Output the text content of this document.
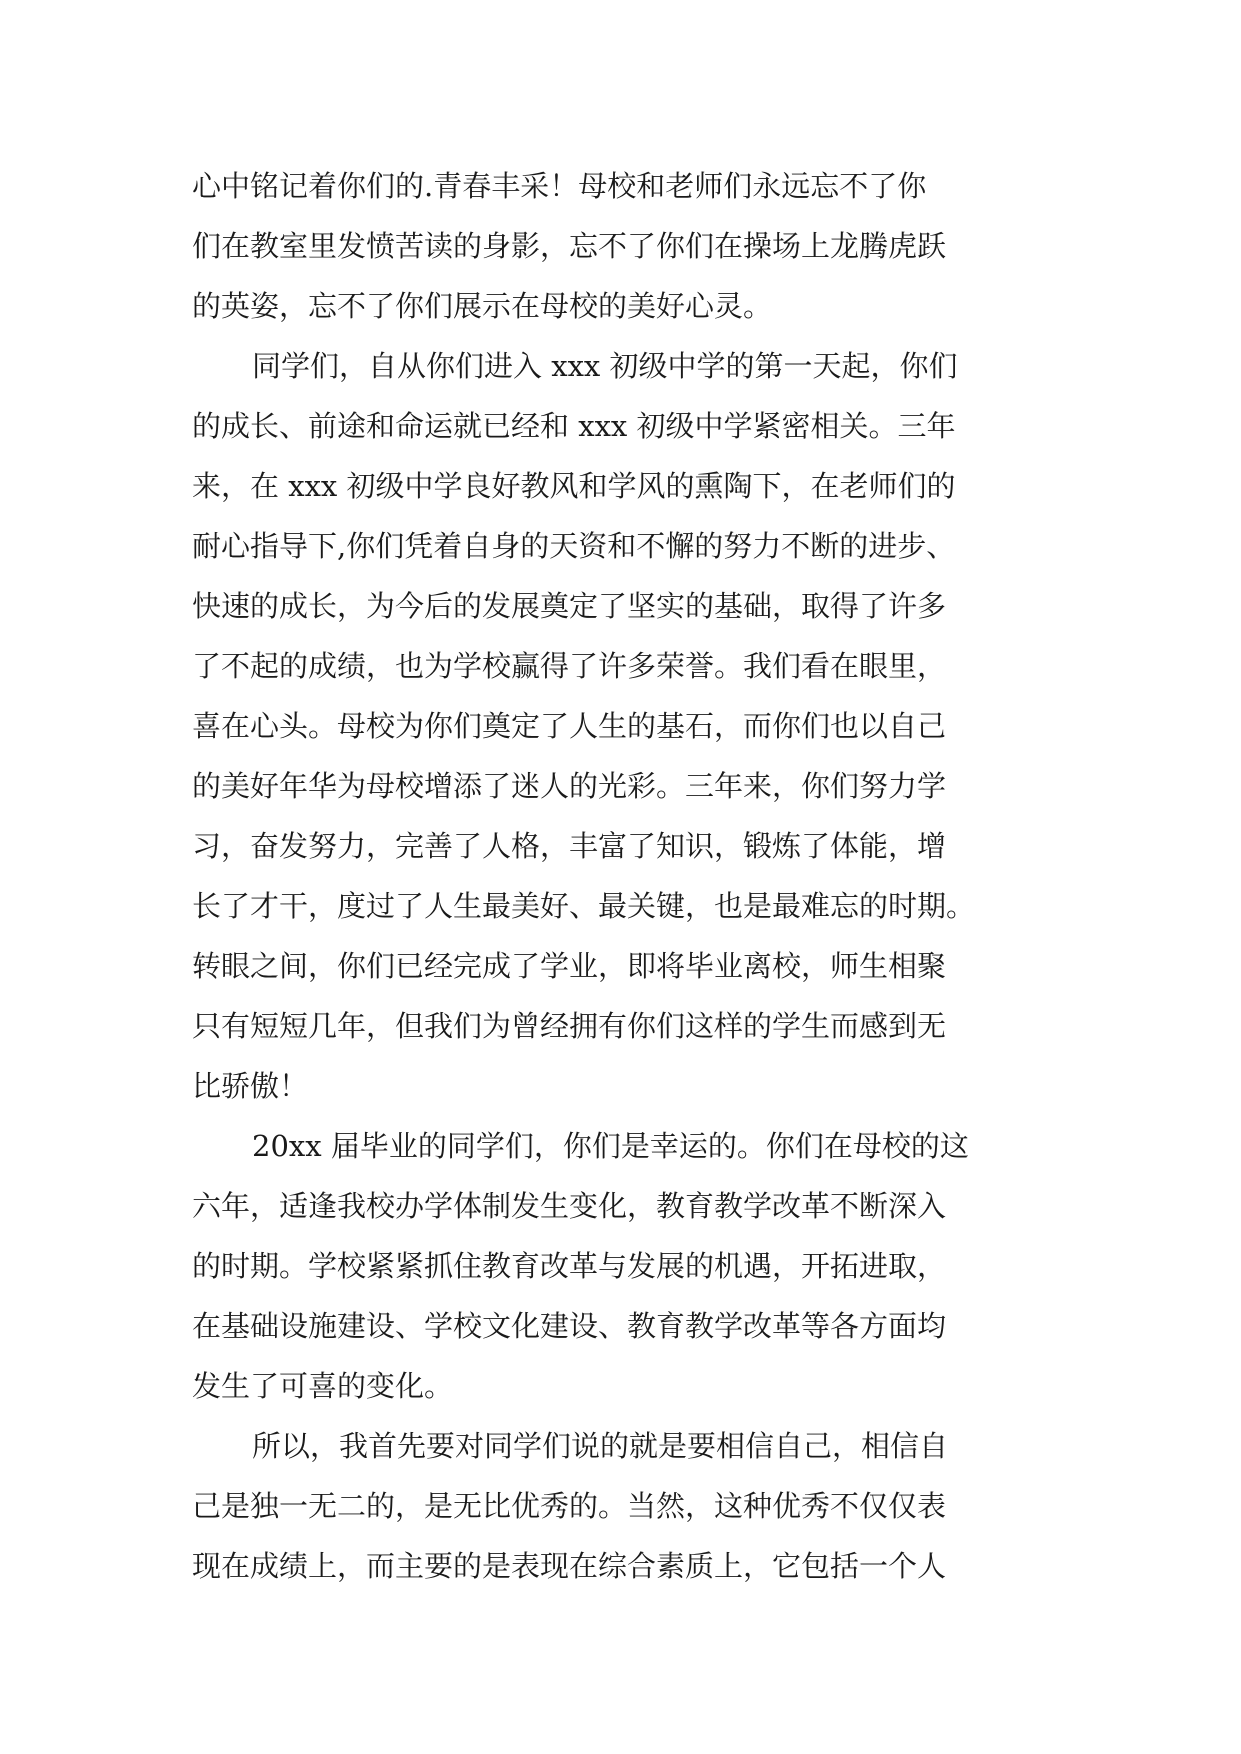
心中铭记着你们的.青春丰采！母校和老师们永远忘不了你
们在教室里发愤苦读的身影，忘不了你们在操场上龙腾虎跃
的英姿，忘不了你们展示在母校的美好心灵。
同学们，自从你们进入 xxx 初级中学的第一天起，你们
的成长、前途和命运就已经和 xxx 初级中学紧密相关。三年
来，在 xxx 初级中学良好教风和学风的熏陶下，在老师们的
耐心指导下,你们凭着自身的天资和不懈的努力不断的进步、
快速的成长，为今后的发展奠定了坚实的基础，取得了许多
了不起的成绩，也为学校赢得了许多荣誉。我们看在眼里，
喜在心头。母校为你们奠定了人生的基石，而你们也以自己
的美好年华为母校增添了迷人的光彩。三年来，你们努力学
习，奋发努力，完善了人格，丰富了知识，锻炼了体能，增
长了才干，度过了人生最美好、最关键，也是最难忘的时期。
转眼之间，你们已经完成了学业，即将毕业离校，师生相聚
只有短短几年，但我们为曾经拥有你们这样的学生而感到无
比骄傲！
20xx 届毕业的同学们，你们是幸运的。你们在母校的这
六年，适逢我校办学体制发生变化，教育教学改革不断深入
的时期。学校紧紧抓住教育改革与发展的机遇，开拓进取，
在基础设施建设、学校文化建设、教育教学改革等各方面均
发生了可喜的变化。
所以，我首先要对同学们说的就是要相信自己，相信自
己是独一无二的，是无比优秀的。当然，这种优秀不仅仅表
现在成绩上，而主要的是表现在综合素质上，它包括一个人
